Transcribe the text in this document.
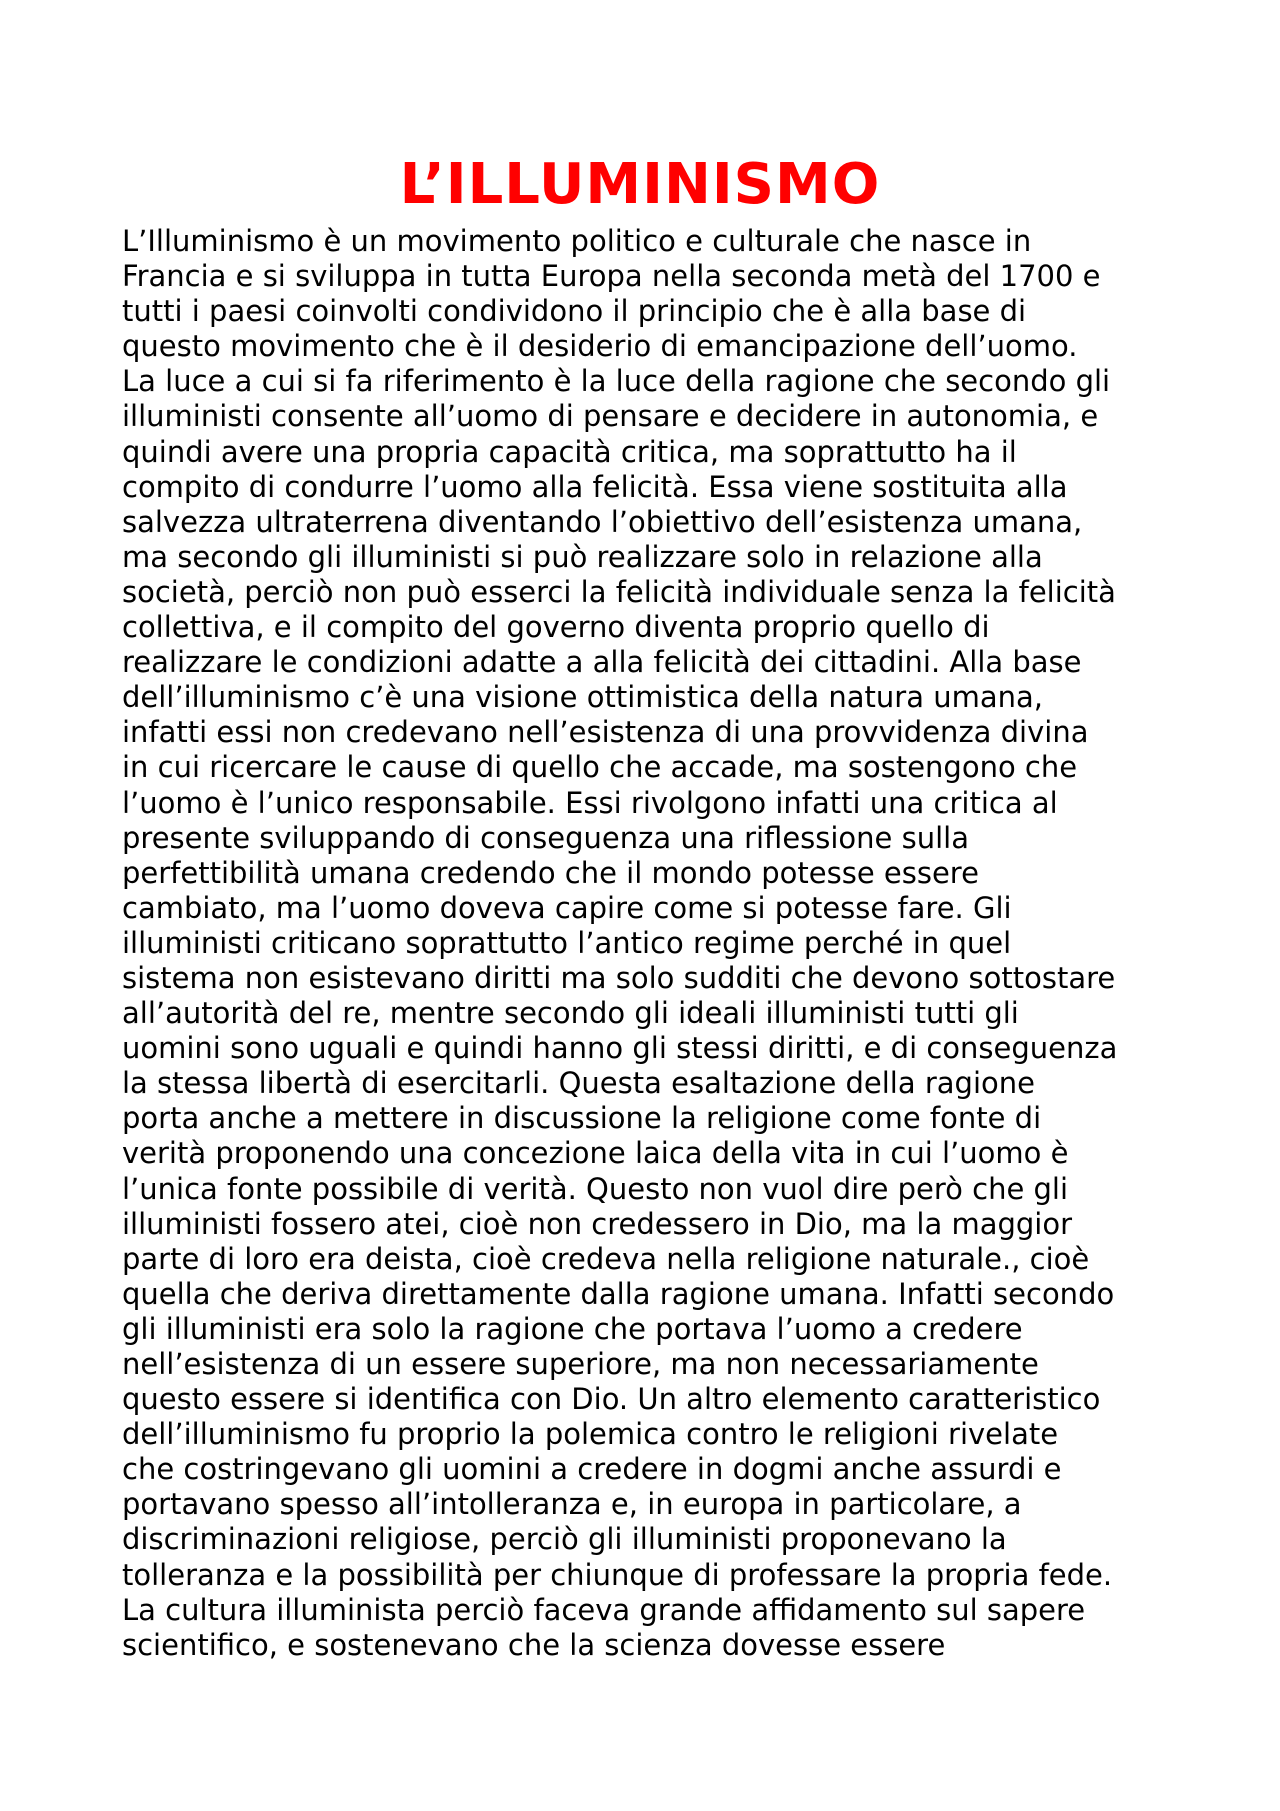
L’ILLUMINISMO
L’Illuminismo è un movimento politico e culturale che nasce in
Francia e si sviluppa in tutta Europa nella seconda metà del 1700 e
tutti i paesi coinvolti condividono il principio che è alla base di
questo movimento che è il desiderio di emancipazione dell’uomo.
La luce a cui si fa riferimento è la luce della ragione che secondo gli
illuministi consente all’uomo di pensare e decidere in autonomia, e
quindi avere una propria capacità critica, ma soprattutto ha il
compito di condurre l’uomo alla felicità. Essa viene sostituita alla
salvezza ultraterrena diventando l’obiettivo dell’esistenza umana,
ma secondo gli illuministi si può realizzare solo in relazione alla
società, perciò non può esserci la felicità individuale senza la felicità
collettiva, e il compito del governo diventa proprio quello di
realizzare le condizioni adatte a alla felicità dei cittadini. Alla base
dell’illuminismo c’è una visione ottimistica della natura umana,
infatti essi non credevano nell’esistenza di una provvidenza divina
in cui ricercare le cause di quello che accade, ma sostengono che
l’uomo è l’unico responsabile. Essi rivolgono infatti una critica al
presente sviluppando di conseguenza una riflessione sulla
perfettibilità umana credendo che il mondo potesse essere
cambiato, ma l’uomo doveva capire come si potesse fare. Gli
illuministi criticano soprattutto l’antico regime perché in quel
sistema non esistevano diritti ma solo sudditi che devono sottostare
all’autorità del re, mentre secondo gli ideali illuministi tutti gli
uomini sono uguali e quindi hanno gli stessi diritti, e di conseguenza
la stessa libertà di esercitarli. Questa esaltazione della ragione
porta anche a mettere in discussione la religione come fonte di
verità proponendo una concezione laica della vita in cui l’uomo è
l’unica fonte possibile di verità. Questo non vuol dire però che gli
illuministi fossero atei, cioè non credessero in Dio, ma la maggior
parte di loro era deista, cioè credeva nella religione naturale., cioè
quella che deriva direttamente dalla ragione umana. Infatti secondo
gli illuministi era solo la ragione che portava l’uomo a credere
nell’esistenza di un essere superiore, ma non necessariamente
questo essere si identifica con Dio. Un altro elemento caratteristico
dell’illuminismo fu proprio la polemica contro le religioni rivelate
che costringevano gli uomini a credere in dogmi anche assurdi e
portavano spesso all’intolleranza e, in europa in particolare, a
discriminazioni religiose, perciò gli illuministi proponevano la
tolleranza e la possibilità per chiunque di professare la propria fede.
La cultura illuminista perciò faceva grande affidamento sul sapere
scientifico, e sostenevano che la scienza dovesse essere
